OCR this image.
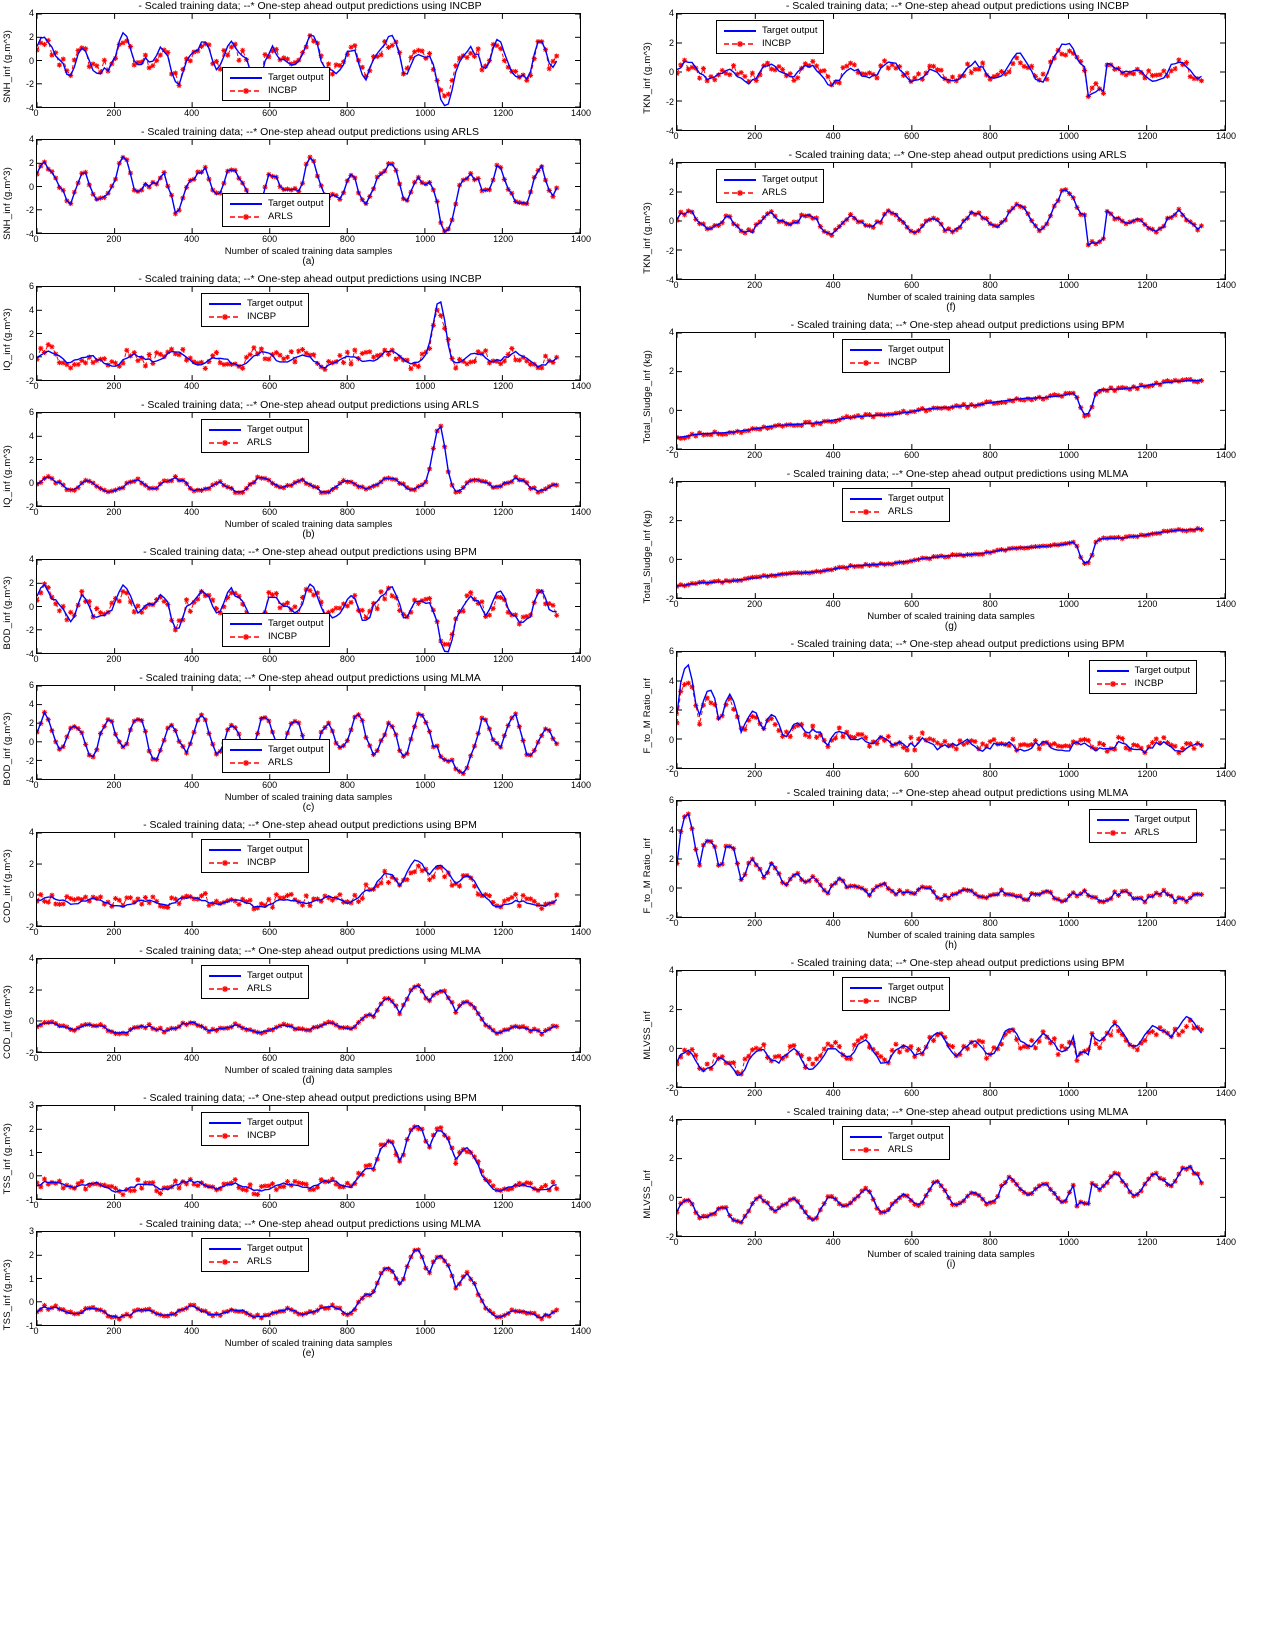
- Scaled training data; --* One-step ahead output predictions using INCBP
SNH_inf (g.m^3)
-4
-2
0
2
4
Target output
INCBP
0	200	400	600	800	1000	1200	1400
- Scaled training data; --* One-step ahead output predictions using ARLS
SNH_inf (g.m^3) -4
-2
0
2
4
Target output
ARLS
0	200	400	600	800	1000	1200	1400
Number of scaled training data samples
(a)
- Scaled training data; --* One-step ahead output predictions using INCBP
IQ_inf (g.m^3)
-2
0
2
4
6
Target output
INCBP
0	200	400	600	800	1000	1200	1400
- Scaled training data; --* One-step ahead output predictions using ARLS
IQ_inf (g.m^3) -2
0
2
4
6
Target output
ARLS
0	200	400	600	800	1000	1200	1400
Number of scaled training data samples
(b)
- Scaled training data; --* One-step ahead output predictions using BPM
BOD_inf (g.m^3)
-4
-2
0
2
4
Target output
INCBP
0	200	400	600	800	1000	1200	1400
- Scaled training data; --* One-step ahead output predictions using MLMA
BOD_inf (g.m^3) -4
-2
0
2
4
6
Target output
ARLS
0	200	400	600	800	1000	1200	1400
Number of scaled training data samples
(c)
- Scaled training data; --* One-step ahead output predictions using BPM
COD_inf (g.m^3)
-2
0
2
4
Target output
INCBP
0	200	400	600	800	1000	1200	1400
- Scaled training data; --* One-step ahead output predictions using MLMA
COD_inf (g.m^3) -2
0
2
4
Target output
ARLS
0	200	400	600	800	1000	1200	1400
Number of scaled training data samples
(d)
- Scaled training data; --* One-step ahead output predictions using BPM
TSS_inf (g.m^3)
-1
0
1
2
3
Target output
INCBP
0	200	400	600	800	1000	1200	1400
- Scaled training data; --* One-step ahead output predictions using MLMA
TSS_inf (g.m^3) -1
0
1
2
3
Target output
ARLS
0	200	400	600	800	1000	1200	1400
Number of scaled training data samples
(e)
- Scaled training data; --* One-step ahead output predictions using INCBP
TKN_inf (g.m^3)
-4
-2
0
2
4
Target output
INCBP
0	200	400	600	800	1000	1200	1400
- Scaled training data; --* One-step ahead output predictions using ARLS
TKN_inf (g.m^3)
-4
-2
0
2
4
Target output
ARLS
0	200	400	600	800	1000	1200	1400
Number of scaled training data samples
(f)
- Scaled training data; --* One-step ahead output predictions using BPM
Total_Sludge_inf (kg)
-2
0
2
4
Target output
INCBP
0	200	400	600	800	1000	1200	1400
- Scaled training data; --* One-step ahead output predictions using MLMA
Total_Sludge_inf (kg) -2
0
2
4
Target output
ARLS
0	200	400	600	800	1000	1200	1400
Number of scaled training data samples
(g)
- Scaled training data; --* One-step ahead output predictions using BPM
F_to_M Ratio_inf
-2
0
2
4
6
Target output
INCBP
0	200	400	600	800	1000	1200	1400
- Scaled training data; --* One-step ahead output predictions using MLMA
F_to_M Ratio_inf
-2
0
2
4
6
Target output
ARLS
0	200	400	600	800	1000	1200	1400
Number of scaled training data samples
(h)
- Scaled training data; --* One-step ahead output predictions using BPM
MLVSS_inf
-2
0
2
4
Target output
INCBP
0	200	400	600	800	1000	1200	1400
- Scaled training data; --* One-step ahead output predictions using MLMA
MLVSS_inf
-2
0
2
4
Target output
ARLS
0	200	400	600	800	1000	1200	1400
Number of scaled training data samples
(i)
